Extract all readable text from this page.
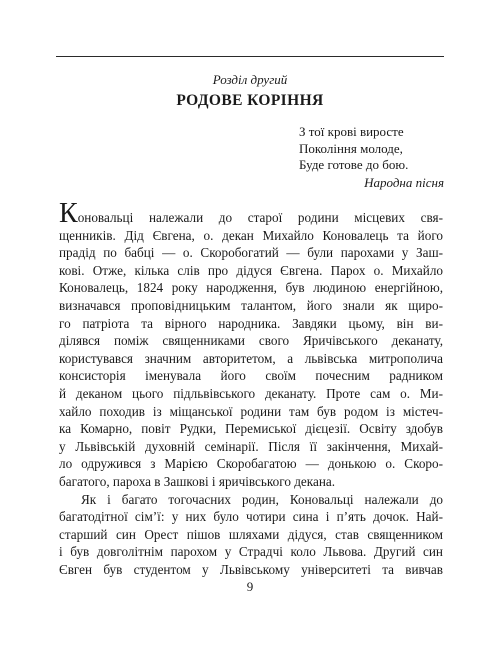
Розділ другий
РОДОВЕ КОРІННЯ
З тої крові виросте
Покоління молоде,
Буде готове до бою.
Народна пісня
Коновальці належали до старої родини місцевих свя-
щенників. Дід Євгена, о. декан Михайло Коновалець та його
прадід по бабці — о. Скоробогатий — були парохами у Заш-
кові. Отже, кілька слів про дідуся Євгена. Парох о. Михайло
Коновалець, 1824 року народження, був людиною енергійною,
визначався проповідницьким талантом, його знали як щиро-
го патріота та вірного народника. Завдяки цьому, він ви-
ділявся поміж священниками свого Яричівського деканату,
користувався значним авторитетом, а львівська митрополича
консисторія іменувала його своїм почесним радником
й деканом цього підльвівського деканату. Проте сам о. Ми-
хайло походив із міщанської родини там був родом із містеч-
ка Комарно, повіт Рудки, Перемиської дієцезії. Освіту здобув
у Львівській духовній семінарії. Після її закінчення, Михай-
ло одружився з Марією Скоробагатою — донькою о. Скоро-
багатого, пароха в Зашкові і яричівського декана.
Як і багато тогочасних родин, Коновальці належали до
багатодітної сім’ї: у них було чотири сина і п’ять дочок. Най-
старший син Орест пішов шляхами дідуся, став священником
і був довголітнім парохом у Страдчі коло Львова. Другий син
Євген був студентом у Львівському університеті та вивчав
9
